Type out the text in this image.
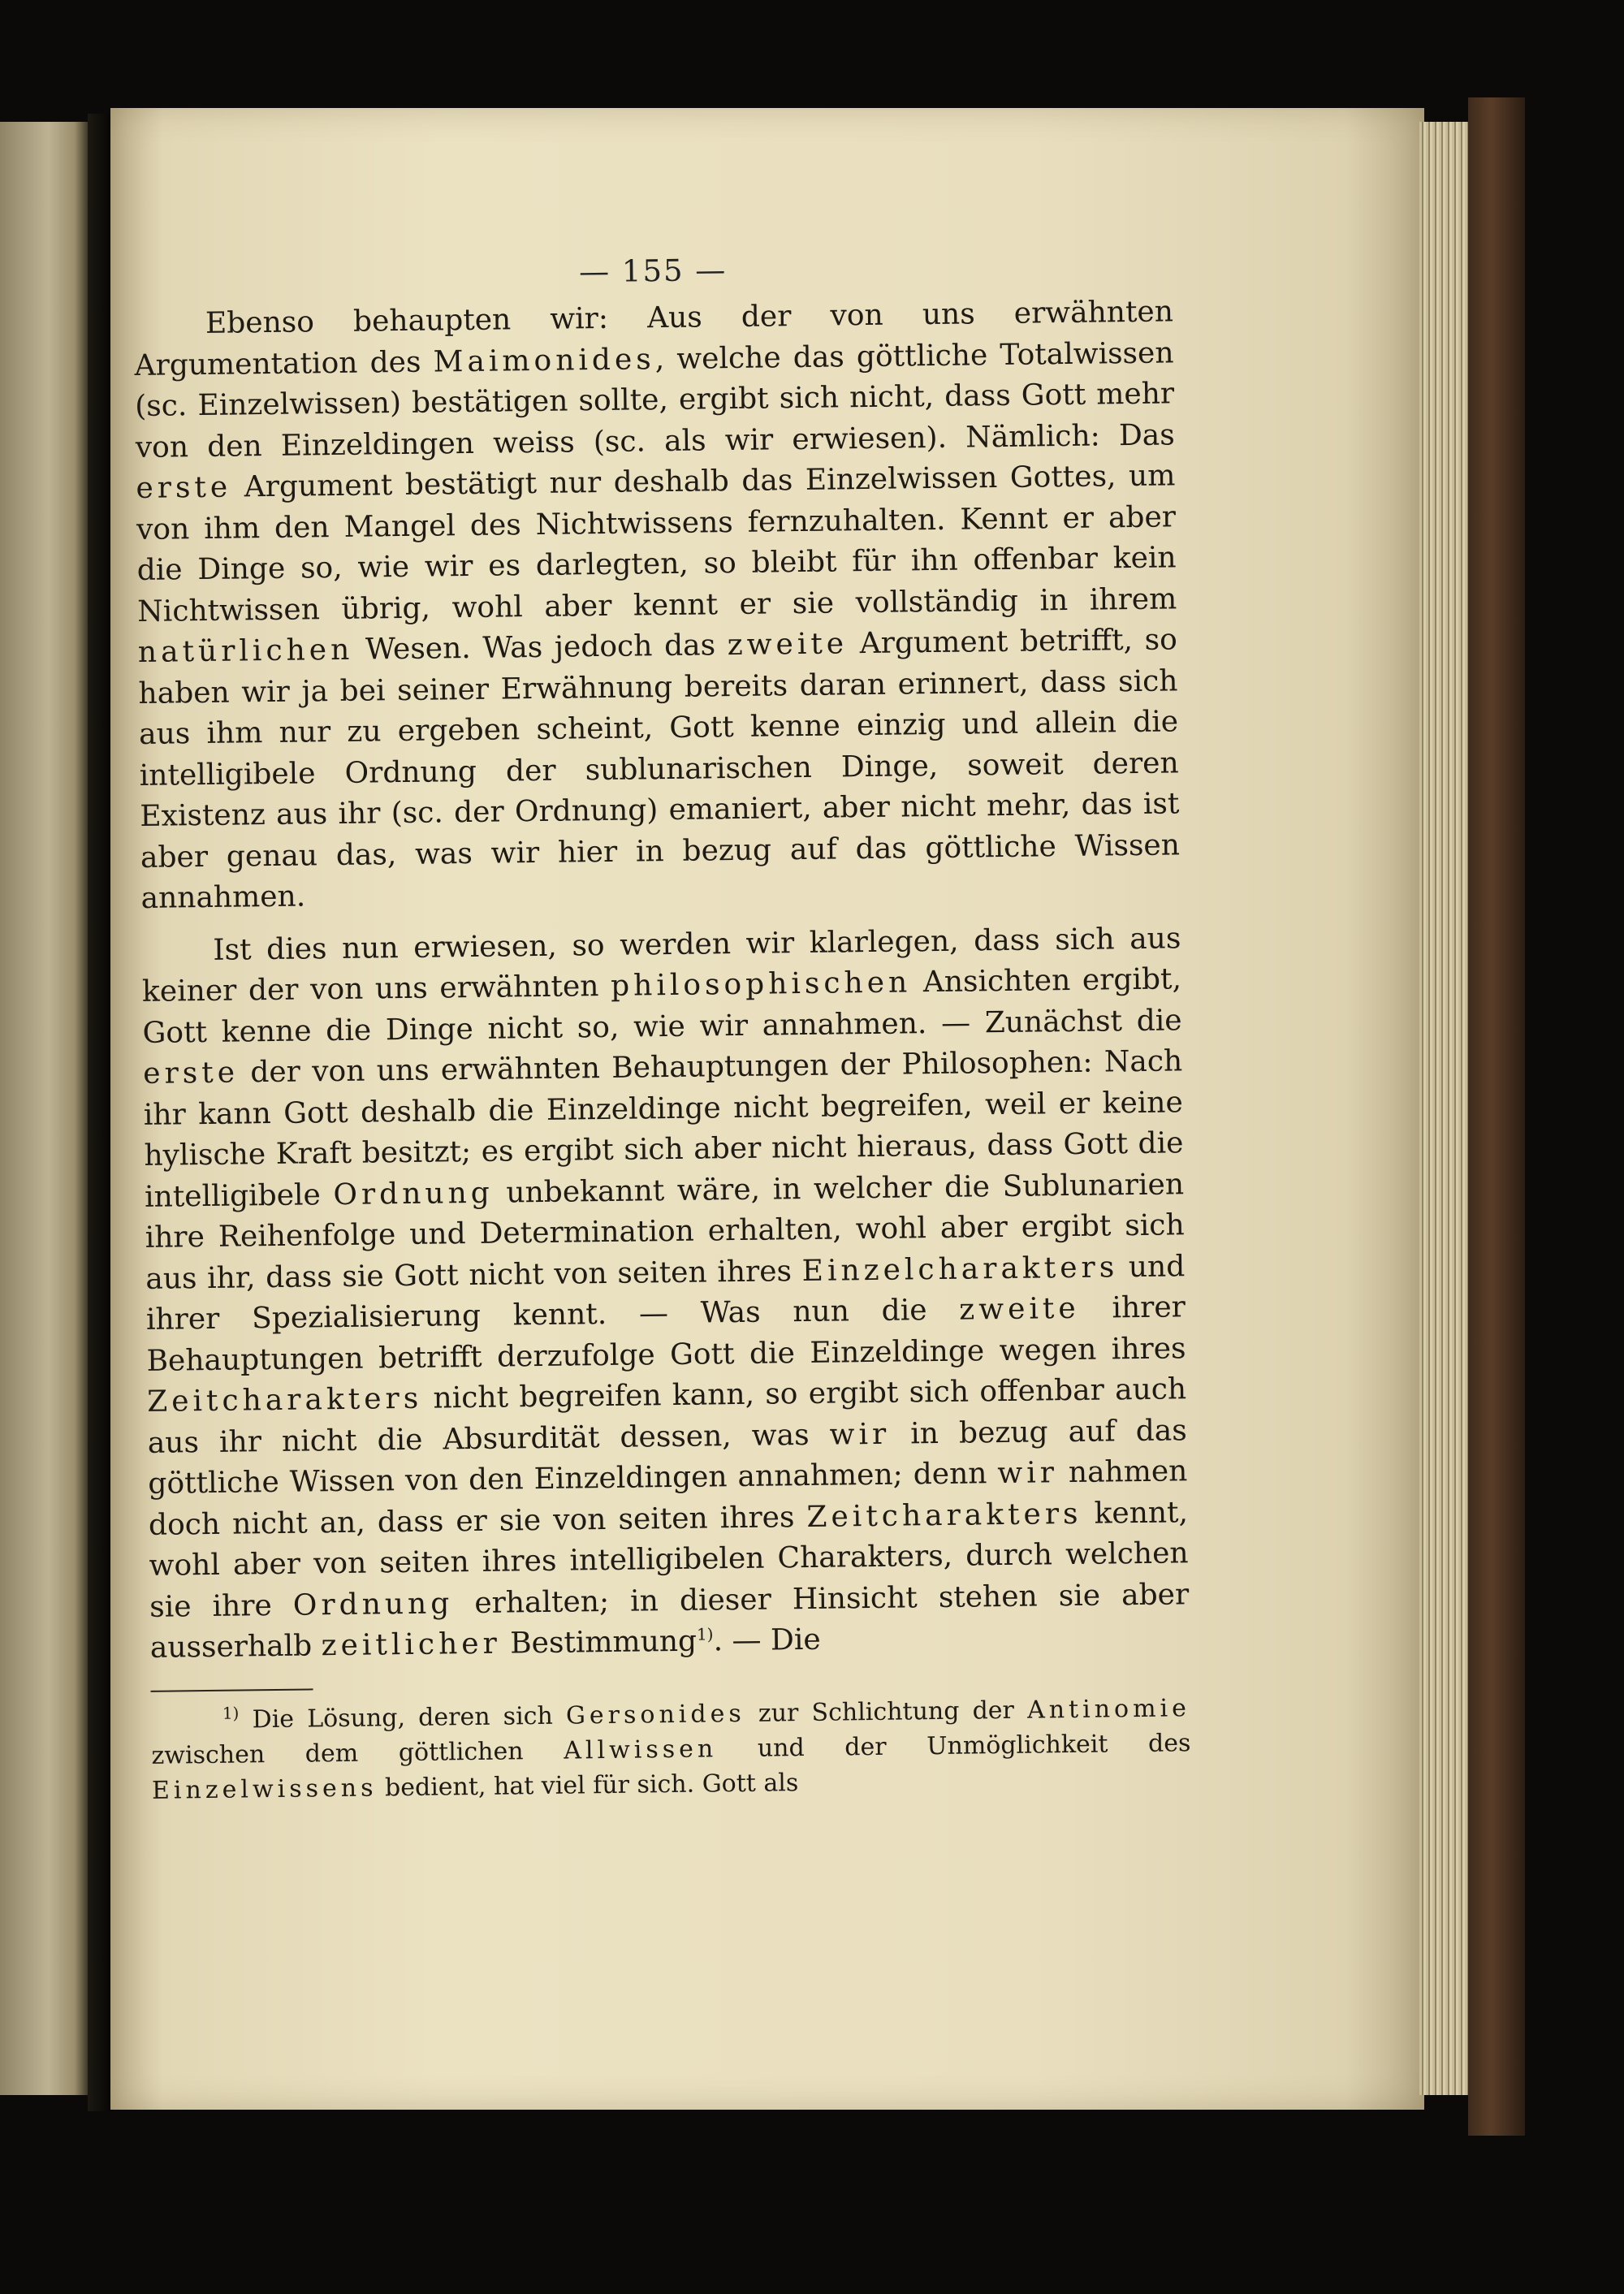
— 155 —

Ebenso behaupten wir: Aus der von uns erwähnten Argumentation des Maimonides, welche das göttliche Totalwissen (sc. Einzelwissen) bestätigen sollte, ergibt sich nicht, dass Gott mehr von den Einzeldingen weiss (sc. als wir erwiesen). Nämlich: Das erste Argument bestätigt nur deshalb das Einzelwissen Gottes, um von ihm den Mangel des Nichtwissens fernzuhalten. Kennt er aber die Dinge so, wie wir es darlegten, so bleibt für ihn offenbar kein Nichtwissen übrig, wohl aber kennt er sie vollständig in ihrem natürlichen Wesen. Was jedoch das zweite Argument betrifft, so haben wir ja bei seiner Erwähnung bereits daran erinnert, dass sich aus ihm nur zu ergeben scheint, Gott kenne einzig und allein die intelligibele Ordnung der sublunarischen Dinge, soweit deren Existenz aus ihr (sc. der Ordnung) emaniert, aber nicht mehr, das ist aber genau das, was wir hier in bezug auf das göttliche Wissen annahmen.

Ist dies nun erwiesen, so werden wir klarlegen, dass sich aus keiner der von uns erwähnten philosophischen Ansichten ergibt, Gott kenne die Dinge nicht so, wie wir annahmen. — Zunächst die erste der von uns erwähnten Behauptungen der Philosophen: Nach ihr kann Gott deshalb die Einzeldinge nicht begreifen, weil er keine hylische Kraft besitzt; es ergibt sich aber nicht hieraus, dass Gott die intelligibele Ordnung unbekannt wäre, in welcher die Sublunarien ihre Reihenfolge und Determination erhalten, wohl aber ergibt sich aus ihr, dass sie Gott nicht von seiten ihres Einzelcharakters und ihrer Spezialisierung kennt. — Was nun die zweite ihrer Behauptungen betrifft derzufolge Gott die Einzeldinge wegen ihres Zeitcharakters nicht begreifen kann, so ergibt sich offenbar auch aus ihr nicht die Absurdität dessen, was wir in bezug auf das göttliche Wissen von den Einzeldingen annahmen; denn wir nahmen doch nicht an, dass er sie von seiten ihres Zeitcharakters kennt, wohl aber von seiten ihres intelligibelen Charakters, durch welchen sie ihre Ordnung erhalten; in dieser Hinsicht stehen sie aber ausserhalb zeitlicher Bestimmung$^{1)}$. — Die

$^{1)}$ Die Lösung, deren sich Gersonides zur Schlichtung der Antinomie zwischen dem göttlichen Allwissen und der Unmöglichkeit des Einzelwissens bedient, hat viel für sich. Gott als
